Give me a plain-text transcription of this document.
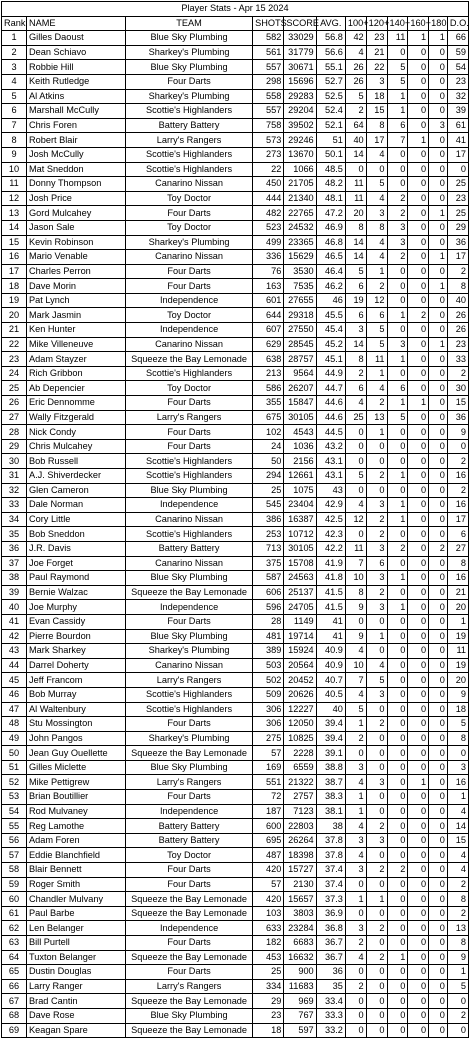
Player Stats - Apr 15 2024											
Rank	NAME	TEAM	SHOTS	SCORE	AVG.	100+	120+	140+	160+	180	D.O.
1	Gilles Daoust	Blue Sky Plumbing	582	33029	56.8	42	23	11	1	1	66
2	Dean Schiavo	Sharkey's Plumbing	561	31779	56.6	4	21	0	0	0	59
3	Robbie Hill	Blue Sky Plumbing	557	30671	55.1	26	22	5	0	0	54
4	Keith Rutledge	Four Darts	298	15696	52.7	26	3	5	0	0	23
5	Al Atkins	Sharkey's Plumbing	558	29283	52.5	5	18	1	0	0	32
6	Marshall McCully	Scottie's Highlanders	557	29204	52.4	2	15	1	0	0	39
7	Chris Foren	Battery Battery	758	39502	52.1	64	8	6	0	3	61
8	Robert Blair	Larry's Rangers	573	29246	51	40	17	7	1	0	41
9	Josh McCully	Scottie's Highlanders	273	13670	50.1	14	4	0	0	0	17
10	Mat Sneddon	Scottie's Highlanders	22	1066	48.5	0	0	0	0	0	0
11	Donny Thompson	Canarino Nissan	450	21705	48.2	11	5	0	0	0	25
12	Josh Price	Toy Doctor	444	21340	48.1	11	4	2	0	0	23
13	Gord Mulcahey	Four Darts	482	22765	47.2	20	3	2	0	1	25
14	Jason Sale	Toy Doctor	523	24532	46.9	8	8	3	0	0	29
15	Kevin Robinson	Sharkey's Plumbing	499	23365	46.8	14	4	3	0	0	36
16	Mario Venable	Canarino Nissan	336	15629	46.5	14	4	2	0	1	17
17	Charles Perron	Four Darts	76	3530	46.4	5	1	0	0	0	2
18	Dave Morin	Four Darts	163	7535	46.2	6	2	0	0	1	8
19	Pat Lynch	Independence	601	27655	46	19	12	0	0	0	40
20	Mark Jasmin	Toy Doctor	644	29318	45.5	6	6	1	2	0	26
21	Ken Hunter	Independence	607	27550	45.4	3	5	0	0	0	26
22	Mike Villeneuve	Canarino Nissan	629	28545	45.2	14	5	3	0	1	23
23	Adam Stayzer	Squeeze the Bay Lemonade	638	28757	45.1	8	11	1	0	0	33
24	Rich Gribbon	Scottie's Highlanders	213	9564	44.9	2	1	0	0	0	2
25	Ab Depencier	Toy Doctor	586	26207	44.7	6	4	6	0	0	30
26	Eric Dennomme	Four Darts	355	15847	44.6	4	2	1	1	0	15
27	Wally Fitzgerald	Larry's Rangers	675	30105	44.6	25	13	5	0	0	36
28	Nick Condy	Four Darts	102	4543	44.5	0	1	0	0	0	9
29	Chris Mulcahey	Four Darts	24	1036	43.2	0	0	0	0	0	0
30	Bob Russell	Scottie's Highlanders	50	2156	43.1	0	0	0	0	0	2
31	A.J. Shiverdecker	Scottie's Highlanders	294	12661	43.1	5	2	1	0	0	16
32	Glen Cameron	Blue Sky Plumbing	25	1075	43	0	0	0	0	0	2
33	Dale Norman	Independence	545	23404	42.9	4	3	1	0	0	16
34	Cory Little	Canarino Nissan	386	16387	42.5	12	2	1	0	0	17
35	Bob Sneddon	Scottie's Highlanders	253	10712	42.3	0	2	0	0	0	6
36	J.R. Davis	Battery Battery	713	30105	42.2	11	3	2	0	2	27
37	Joe Forget	Canarino Nissan	375	15708	41.9	7	6	0	0	0	8
38	Paul Raymond	Blue Sky Plumbing	587	24563	41.8	10	3	1	0	0	16
39	Bernie Walzac	Squeeze the Bay Lemonade	606	25137	41.5	8	2	0	0	0	21
40	Joe Murphy	Independence	596	24705	41.5	9	3	1	0	0	20
41	Evan Cassidy	Four Darts	28	1149	41	0	0	0	0	0	1
42	Pierre Bourdon	Blue Sky Plumbing	481	19714	41	9	1	0	0	0	19
43	Mark Sharkey	Sharkey's Plumbing	389	15924	40.9	4	0	0	0	0	11
44	Darrel Doherty	Canarino Nissan	503	20564	40.9	10	4	0	0	0	19
45	Jeff Francom	Larry's Rangers	502	20452	40.7	7	5	0	0	0	20
46	Bob Murray	Scottie's Highlanders	509	20626	40.5	4	3	0	0	0	9
47	Al Waltenbury	Scottie's Highlanders	306	12227	40	5	0	0	0	0	18
48	Stu Mossington	Four Darts	306	12050	39.4	1	2	0	0	0	5
49	John Pangos	Sharkey's Plumbing	275	10825	39.4	2	0	0	0	0	8
50	Jean Guy Ouellette	Squeeze the Bay Lemonade	57	2228	39.1	0	0	0	0	0	0
51	Gilles Miclette	Blue Sky Plumbing	169	6559	38.8	3	0	0	0	0	3
52	Mike Pettigrew	Larry's Rangers	551	21322	38.7	4	3	0	1	0	16
53	Brian Boutillier	Four Darts	72	2757	38.3	1	0	0	0	0	1
54	Rod Mulvaney	Independence	187	7123	38.1	1	0	0	0	0	4
55	Reg Lamothe	Battery Battery	600	22803	38	4	2	0	0	0	14
56	Adam Foren	Battery Battery	695	26264	37.8	3	3	0	0	0	15
57	Eddie Blanchfield	Toy Doctor	487	18398	37.8	4	0	0	0	0	4
58	Blair Bennett	Four Darts	420	15727	37.4	3	2	2	0	0	4
59	Roger Smith	Four Darts	57	2130	37.4	0	0	0	0	0	2
60	Chandler Mulvany	Squeeze the Bay Lemonade	420	15657	37.3	1	1	0	0	0	8
61	Paul Barbe	Squeeze the Bay Lemonade	103	3803	36.9	0	0	0	0	0	2
62	Len Belanger	Independence	633	23284	36.8	3	2	0	0	0	13
63	Bill Purtell	Four Darts	182	6683	36.7	2	0	0	0	0	8
64	Tuxton Belanger	Squeeze the Bay Lemonade	453	16632	36.7	4	2	1	0	0	9
65	Dustin Douglas	Four Darts	25	900	36	0	0	0	0	0	1
66	Larry Ranger	Larry's Rangers	334	11683	35	2	0	0	0	0	5
67	Brad Cantin	Squeeze the Bay Lemonade	29	969	33.4	0	0	0	0	0	0
68	Dave Rose	Blue Sky Plumbing	23	767	33.3	0	0	0	0	0	2
69	Keagan Spare	Squeeze the Bay Lemonade	18	597	33.2	0	0	0	0	0	0
